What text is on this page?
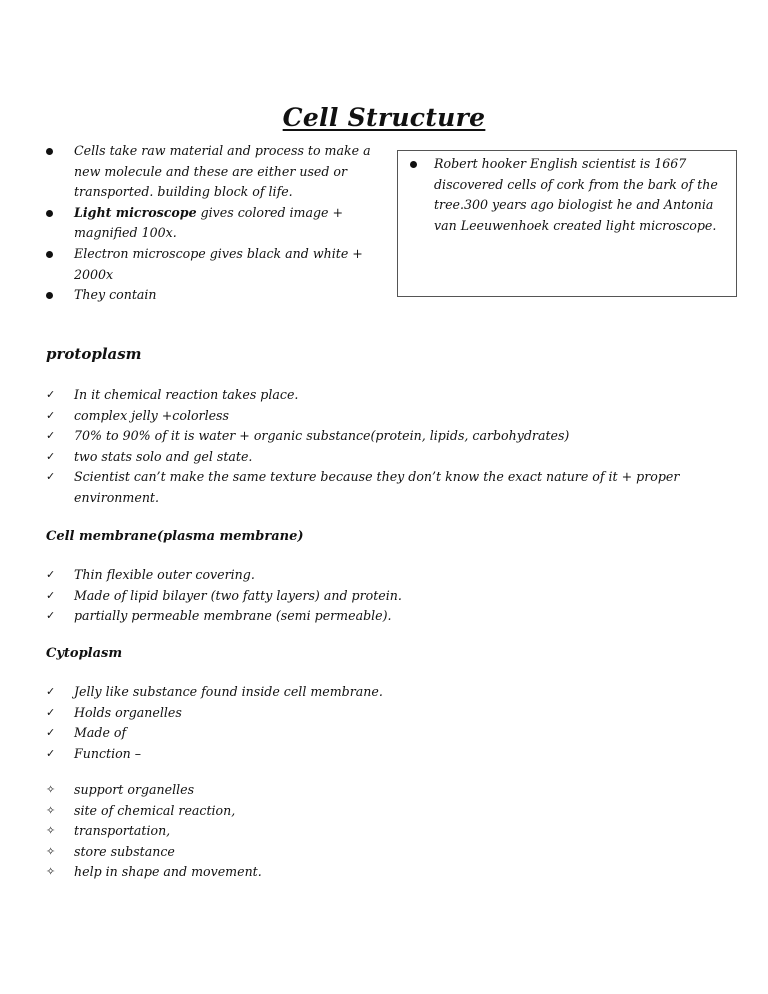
Cell Structure
Cells take raw material and process to make a new molecule and these are either used or transported. building block of life.
Light microscope gives colored image + magnified 100x.
Electron microscope gives black and white + 2000x
They contain
Robert hooker English scientist is 1667 discovered cells of cork from the bark of the tree.300 years ago biologist he and Antonia van Leeuwenhoek created light microscope.
protoplasm
✓ In it chemical reaction takes place.
✓ complex jelly +colorless
✓ 70% to 90% of it is water + organic substance(protein, lipids, carbohydrates)
✓ two stats solo and gel state.
✓ Scientist can’t make the same texture because they don’t know the exact nature of it + proper environment.
Cell membrane(plasma membrane)
✓ Thin flexible outer covering.
✓ Made of lipid bilayer (two fatty layers) and protein.
✓ partially permeable membrane (semi permeable).
Cytoplasm
✓ Jelly like substance found inside cell membrane.
✓ Holds organelles
✓ Made of
✓ Function –
✧ support organelles
✧ site of chemical reaction,
✧ transportation,
✧ store substance
✧ help in shape and movement.
